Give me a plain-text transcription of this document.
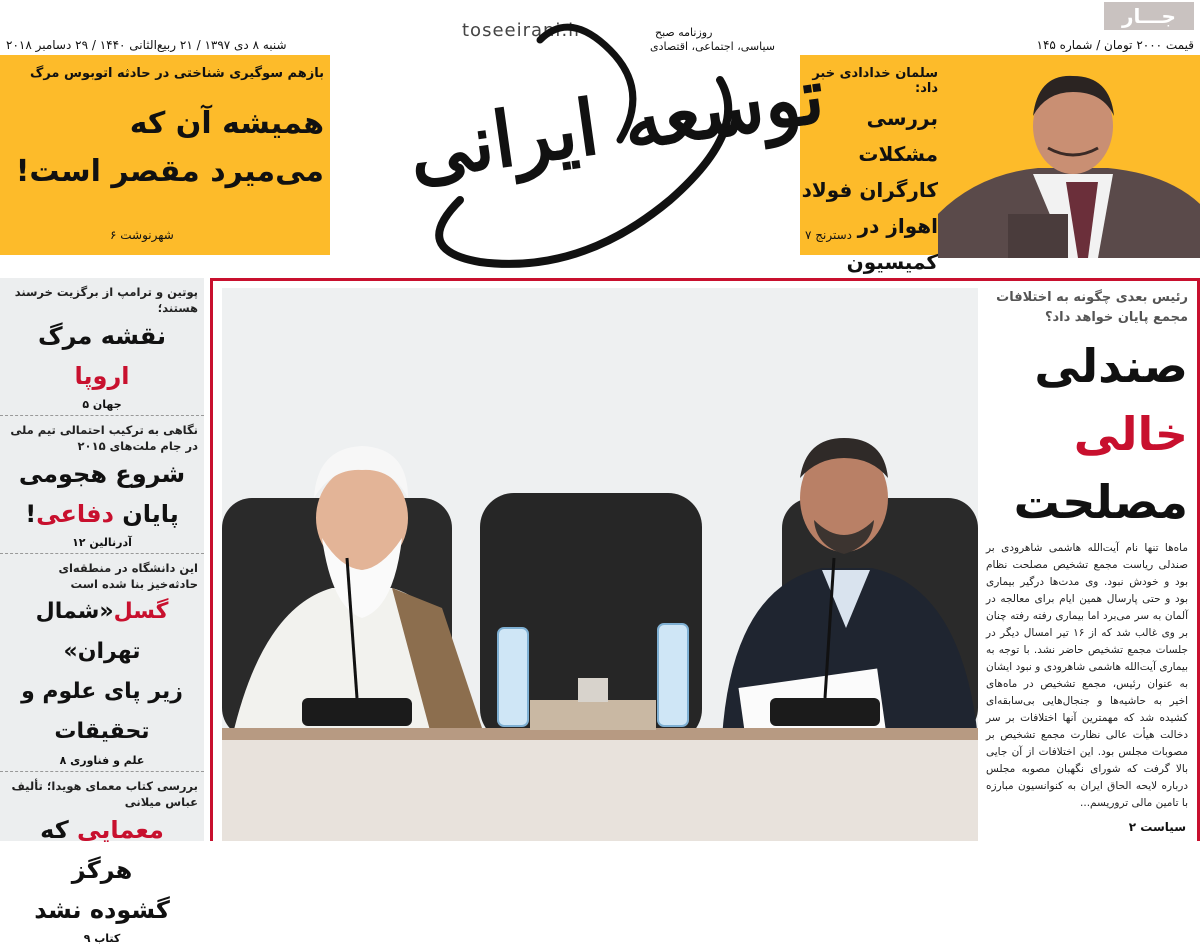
جـــار
قیمت ۲۰۰۰ تومان / شماره ۱۴۵
toseeirani.ir
شنبه ۸ دی ۱۳۹۷ / ۲۱ ربیع‌الثانی ۱۴۴۰ / ۲۹ دسامبر ۲۰۱۸
توسعه ایرانی
روزنامه صبح
سیاسی، اجتماعی، اقتصادی
سلمان خدادادی خبر داد:
بررسی مشکلات کارگران فولاد اهواز در کمیسیون
دسترنج ۷
بازهم سوگیری شناختی در حادثه اتوبوس مرگ
همیشه آن که می‌میرد مقصر است!
شهرنوشت ۶
رئیس بعدی چگونه به اختلافات مجمع پایان خواهد داد؟
صندلی
خالی
مصلحت
ماه‌ها تنها نام آیت‌الله هاشمی شاهرودی بر صندلی ریاست مجمع تشخیص مصلحت نظام بود و خودش نبود. وی مدت‌ها درگیر بیماری بود و حتی پارسال همین ایام برای معالجه در آلمان به سر می‌برد اما بیماری رفته رفته چنان بر وی غالب شد که از ۱۶ تیر امسال دیگر در جلسات مجمع تشخیص حاضر نشد. با توجه به بیماری آیت‌الله هاشمی شاهرودی و نبود ایشان به عنوان رئیس، مجمع تشخیص در ماه‌های اخیر به حاشیه‌ها و جنجال‌هایی بی‌سابقه‌ای کشیده شد که مهمترین آنها اختلافات بر سر دخالت هیأت عالی نظارت مجمع تشخیص بر مصوبات مجلس بود. این اختلافات از آن جایی بالا گرفت که شورای نگهبان مصوبه مجلس درباره لایحه الحاق ایران به کنوانسیون مبارزه با تامین مالی تروریسم...
سیاست ۲
پوتین و ترامپ از برگزیت خرسند هستند؛
نقشه مرگ
اروپا
جهان ۵
نگاهی به ترکیب احتمالی تیم ملی در جام ملت‌های ۲۰۱۵
شروع هجومی
پایان دفاعی!
آدرنالین ۱۲
این دانشگاه در منطقه‌ای حادثه‌خیز بنا شده است
گسل«شمال تهران»
زیر پای علوم و تحقیقات
علم و فناوری ۸
بررسی کتاب معمای هویدا؛ تألیف عباس میلانی
معمایی که هرگز
گشوده نشد
کتاب ۹
